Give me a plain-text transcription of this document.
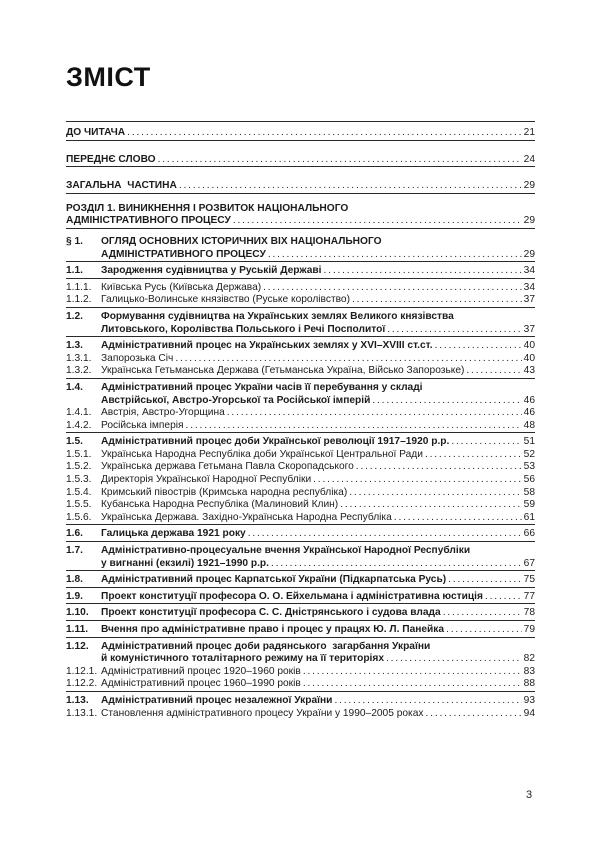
ЗМІСТ
ДО ЧИТАЧА . . .	21
ПЕРЕДНЄ СЛОВО . . .	24
ЗАГАЛЬНА  ЧАСТИНА . . .	29
РОЗДІЛ 1. ВИНИКНЕННЯ І РОЗВИТОК НАЦІОНАЛЬНОГО
АДМІНІСТРАТИВНОГО ПРОЦЕСУ . . .	29
§ 1.	ОГЛЯД ОСНОВНИХ ІСТОРИЧНИХ ВІХ НАЦІОНАЛЬНОГО
АДМІНІСТРАТИВНОГО ПРОЦЕСУ . . .	29
1.1.	Зародження судівництва у Руській Державі . . .	34
1.1.1. Київська Русь (Київська Держава) . . .	34
1.1.2. Галицько-Волинське князівство (Руське королівство) . . .	37
1.2.	Формування судівництва на Українських землях Великого князівства
Литовського, Королівства Польського і Речі Посполитої . . .	37
1.3.	Адміністративний процес на Українських землях у XVI–XVIII ст.ст. . . .	40
1.3.1. Запорозька Січ . . .	40
1.3.2. Українська Гетьманська Держава (Гетьманська Україна, Військо Запорозьке) . . .	43
1.4.	Адміністративний процес України часів її перебування у складі
Австрійської, Австро-Угорської та Російської імперій . . .	46
1.4.1. Австрія, Австро-Угорщина . . .	46
1.4.2. Російська імперія . . .	48
1.5.	Адміністративний процес доби Української революції 1917–1920 р.р. . . .	51
1.5.1. Українська Народна Республіка доби Української Центральної Ради . . .	52
1.5.2. Українська держава Гетьмана Павла Скоропадського . . .	53
1.5.3. Директорія Української Народної Республіки . . .	56
1.5.4. Кримський півострів (Кримська народна республіка) . . .	58
1.5.5. Кубанська Народна Республіка (Малиновий Клин) . . .	59
1.5.6. Українська Держава. Західно-Українська Народна Республіка . . .	61
1.6.	Галицька держава 1921 року . . .	66
1.7.	Адміністративно-процесуальне вчення Української Народної Республіки
у вигнанні (екзилі) 1921–1990 р.р. . . .	67
1.8.	Адміністративний процес Карпатської України (Підкарпатська Русь) . . .	75
1.9.	Проект конституції професора О. О. Ейхельмана і адміністративна юстиція . . .	77
1.10.	Проект конституції професора С. С. Дністрянського і судова влада . . .	78
1.11.	Вчення про адміністративне право і процес у працях Ю. Л. Панейка . . .	79
1.12.	Адміністративний процес доби радянського  загарбання України
й комуністичного тоталітарного режиму на її територіях . . .	82
1.12.1. Адміністративний процес 1920–1960 років . . .	83
1.12.2. Адміністративний процес 1960–1990 років . . .	88
1.13.	Адміністративний процес незалежної України . . .	93
1.13.1. Становлення адміністративного процесу України у 1990–2005 роках . . .	94
3
